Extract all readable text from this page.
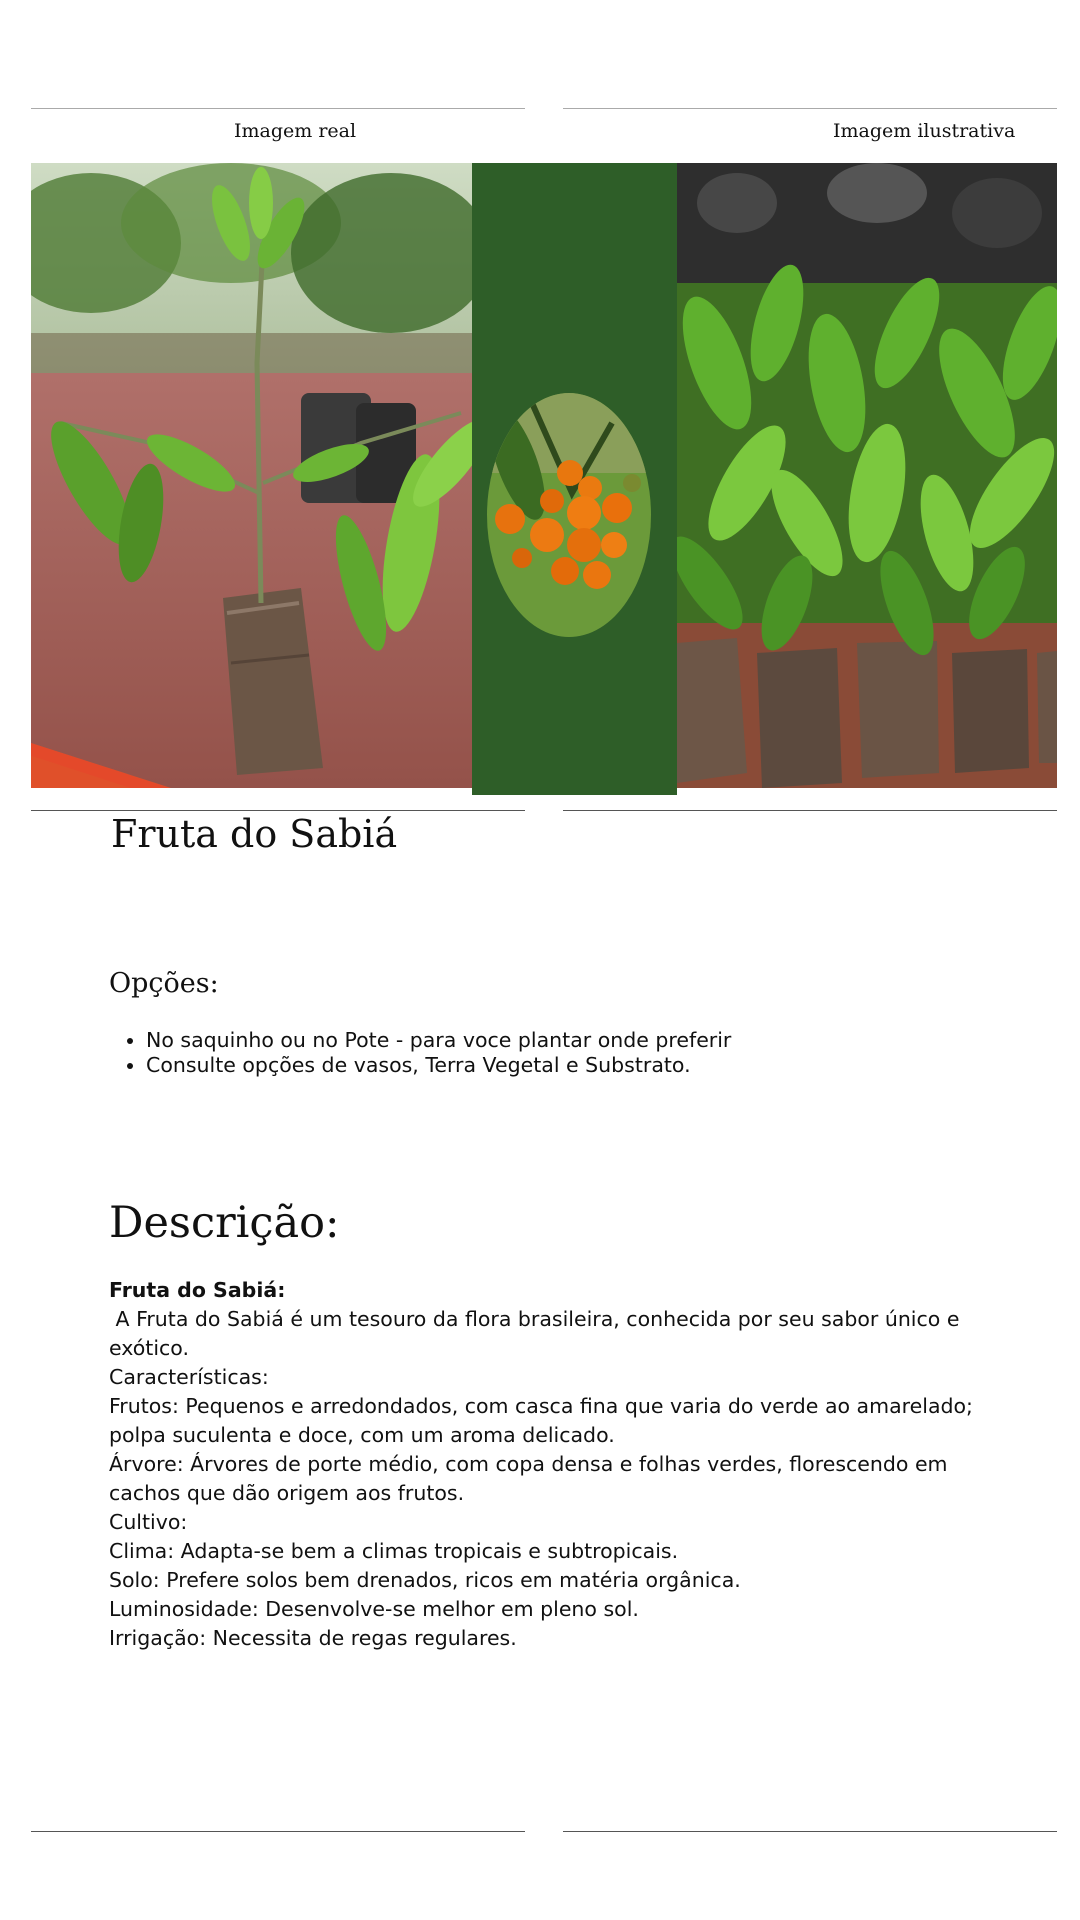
Imagem real	Imagem ilustrativa
Fruta do Sabiá
Opções:
• No saquinho ou no Pote - para voce plantar onde preferir
• Consulte opções de vasos, Terra Vegetal e Substrato.
Descrição:
Fruta do Sabiá:
A Fruta do Sabiá é um tesouro da flora brasileira, conhecida por seu sabor único e exótico.
Características:
Frutos: Pequenos e arredondados, com casca fina que varia do verde ao amarelado; polpa suculenta e doce, com um aroma delicado.
Árvore: Árvores de porte médio, com copa densa e folhas verdes, florescendo em cachos que dão origem aos frutos.
Cultivo:
Clima: Adapta-se bem a climas tropicais e subtropicais.
Solo: Prefere solos bem drenados, ricos em matéria orgânica.
Luminosidade: Desenvolve-se melhor em pleno sol.
Irrigação: Necessita de regas regulares.
